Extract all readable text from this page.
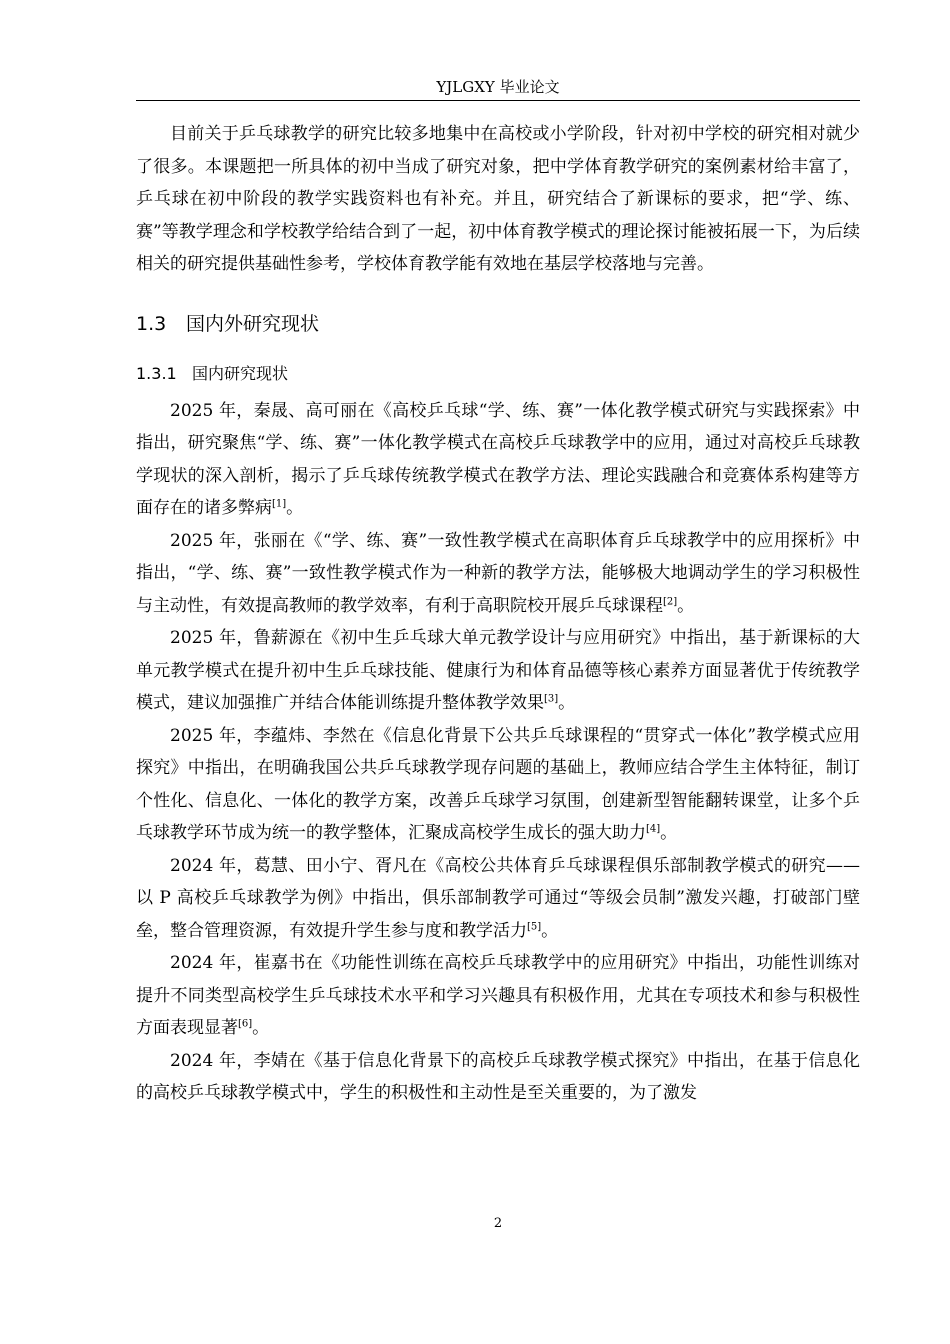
YJLGXY 毕业论文

目前关于乒乓球教学的研究比较多地集中在高校或小学阶段，针对初中学校的研究相对就少了很多。本课题把一所具体的初中当成了研究对象，把中学体育教学研究的案例素材给丰富了，乒乓球在初中阶段的教学实践资料也有补充。并且，研究结合了新课标的要求，把“学、练、赛”等教学理念和学校教学给结合到了一起，初中体育教学模式的理论探讨能被拓展一下，为后续相关的研究提供基础性参考，学校体育教学能有效地在基层学校落地与完善。

1.3 国内外研究现状
1.3.1 国内研究现状

2025 年，秦晟、高可丽在《高校乒乓球“学、练、赛”一体化教学模式研究与实践探索》中指出，研究聚焦“学、练、赛”一体化教学模式在高校乒乓球教学中的应用，通过对高校乒乓球教学现状的深入剖析，揭示了乒乓球传统教学模式在教学方法、理论实践融合和竞赛体系构建等方面存在的诸多弊病[1]。

2025 年，张丽在《“学、练、赛”一致性教学模式在高职体育乒乓球教学中的应用探析》中指出，“学、练、赛”一致性教学模式作为一种新的教学方法，能够极大地调动学生的学习积极性与主动性，有效提高教师的教学效率，有利于高职院校开展乒乓球课程[2]。

2025 年，鲁薪源在《初中生乒乓球大单元教学设计与应用研究》中指出，基于新课标的大单元教学模式在提升初中生乒乓球技能、健康行为和体育品德等核心素养方面显著优于传统教学模式，建议加强推广并结合体能训练提升整体教学效果[3]。

2025 年，李蕴炜、李然在《信息化背景下公共乒乓球课程的“贯穿式一体化”教学模式应用探究》中指出，在明确我国公共乒乓球教学现存问题的基础上，教师应结合学生主体特征，制订个性化、信息化、一体化的教学方案，改善乒乓球学习氛围，创建新型智能翻转课堂，让多个乒乓球教学环节成为统一的教学整体，汇聚成高校学生成长的强大助力[4]。

2024 年，葛慧、田小宁、胥凡在《高校公共体育乒乓球课程俱乐部制教学模式的研究——以 P 高校乒乓球教学为例》中指出，俱乐部制教学可通过“等级会员制”激发兴趣，打破部门壁垒，整合管理资源，有效提升学生参与度和教学活力[5]。

2024 年，崔嘉书在《功能性训练在高校乒乓球教学中的应用研究》中指出，功能性训练对提升不同类型高校学生乒乓球技术水平和学习兴趣具有积极作用，尤其在专项技术和参与积极性方面表现显著[6]。

2024 年，李婧在《基于信息化背景下的高校乒乓球教学模式探究》中指出，在基于信息化的高校乒乓球教学模式中，学生的积极性和主动性是至关重要的，为了激发

2
